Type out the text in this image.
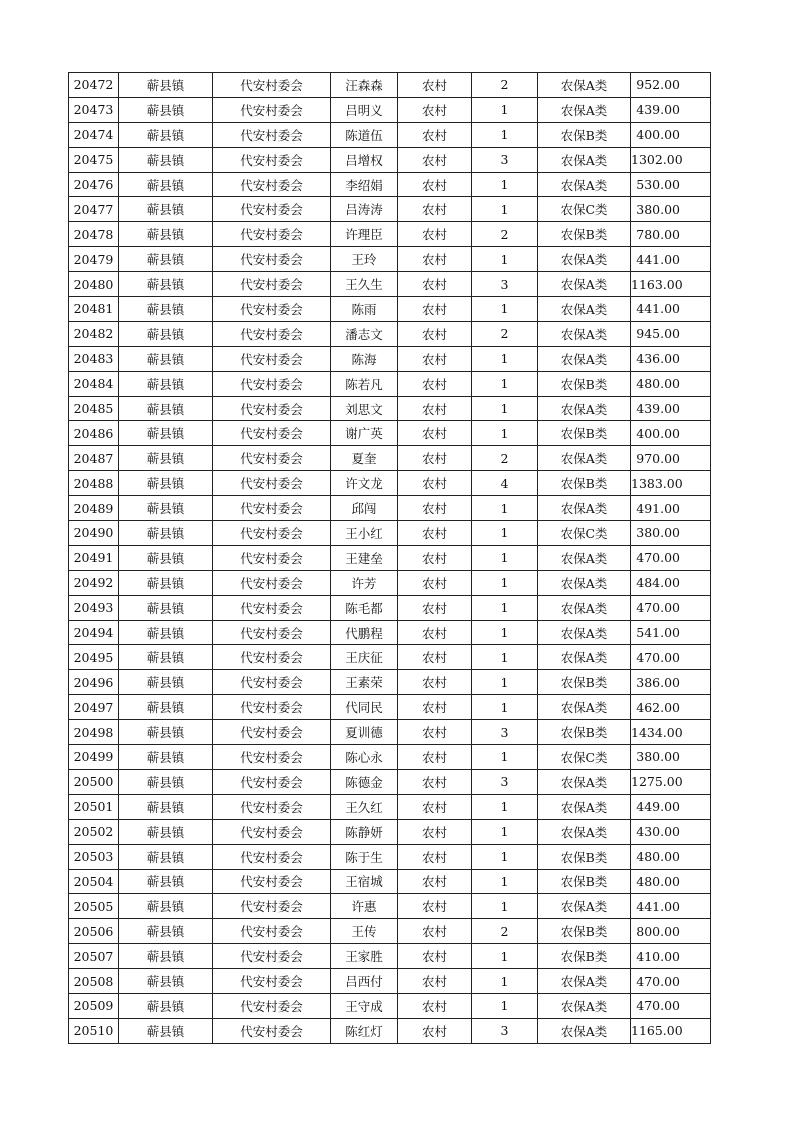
20472	蕲县镇	代安村委会	汪森森	农村	2	农保A类	952.00
20473	蕲县镇	代安村委会	吕明义	农村	1	农保A类	439.00
20474	蕲县镇	代安村委会	陈道伍	农村	1	农保B类	400.00
20475	蕲县镇	代安村委会	吕增权	农村	3	农保A类	1302.00
20476	蕲县镇	代安村委会	李绍娟	农村	1	农保A类	530.00
20477	蕲县镇	代安村委会	吕涛涛	农村	1	农保C类	380.00
20478	蕲县镇	代安村委会	许理臣	农村	2	农保B类	780.00
20479	蕲县镇	代安村委会	王玲	农村	1	农保A类	441.00
20480	蕲县镇	代安村委会	王久生	农村	3	农保A类	1163.00
20481	蕲县镇	代安村委会	陈雨	农村	1	农保A类	441.00
20482	蕲县镇	代安村委会	潘志文	农村	2	农保A类	945.00
20483	蕲县镇	代安村委会	陈海	农村	1	农保A类	436.00
20484	蕲县镇	代安村委会	陈若凡	农村	1	农保B类	480.00
20485	蕲县镇	代安村委会	刘思文	农村	1	农保A类	439.00
20486	蕲县镇	代安村委会	谢广英	农村	1	农保B类	400.00
20487	蕲县镇	代安村委会	夏奎	农村	2	农保A类	970.00
20488	蕲县镇	代安村委会	许文龙	农村	4	农保B类	1383.00
20489	蕲县镇	代安村委会	邱闯	农村	1	农保A类	491.00
20490	蕲县镇	代安村委会	王小红	农村	1	农保C类	380.00
20491	蕲县镇	代安村委会	王建垒	农村	1	农保A类	470.00
20492	蕲县镇	代安村委会	许芳	农村	1	农保A类	484.00
20493	蕲县镇	代安村委会	陈毛都	农村	1	农保A类	470.00
20494	蕲县镇	代安村委会	代鹏程	农村	1	农保A类	541.00
20495	蕲县镇	代安村委会	王庆征	农村	1	农保A类	470.00
20496	蕲县镇	代安村委会	王素荣	农村	1	农保B类	386.00
20497	蕲县镇	代安村委会	代同民	农村	1	农保A类	462.00
20498	蕲县镇	代安村委会	夏训德	农村	3	农保B类	1434.00
20499	蕲县镇	代安村委会	陈心永	农村	1	农保C类	380.00
20500	蕲县镇	代安村委会	陈德金	农村	3	农保A类	1275.00
20501	蕲县镇	代安村委会	王久红	农村	1	农保A类	449.00
20502	蕲县镇	代安村委会	陈静妍	农村	1	农保A类	430.00
20503	蕲县镇	代安村委会	陈于生	农村	1	农保B类	480.00
20504	蕲县镇	代安村委会	王宿城	农村	1	农保B类	480.00
20505	蕲县镇	代安村委会	许惠	农村	1	农保A类	441.00
20506	蕲县镇	代安村委会	王传	农村	2	农保B类	800.00
20507	蕲县镇	代安村委会	王家胜	农村	1	农保B类	410.00
20508	蕲县镇	代安村委会	吕西付	农村	1	农保A类	470.00
20509	蕲县镇	代安村委会	王守成	农村	1	农保A类	470.00
20510	蕲县镇	代安村委会	陈红灯	农村	3	农保A类	1165.00
